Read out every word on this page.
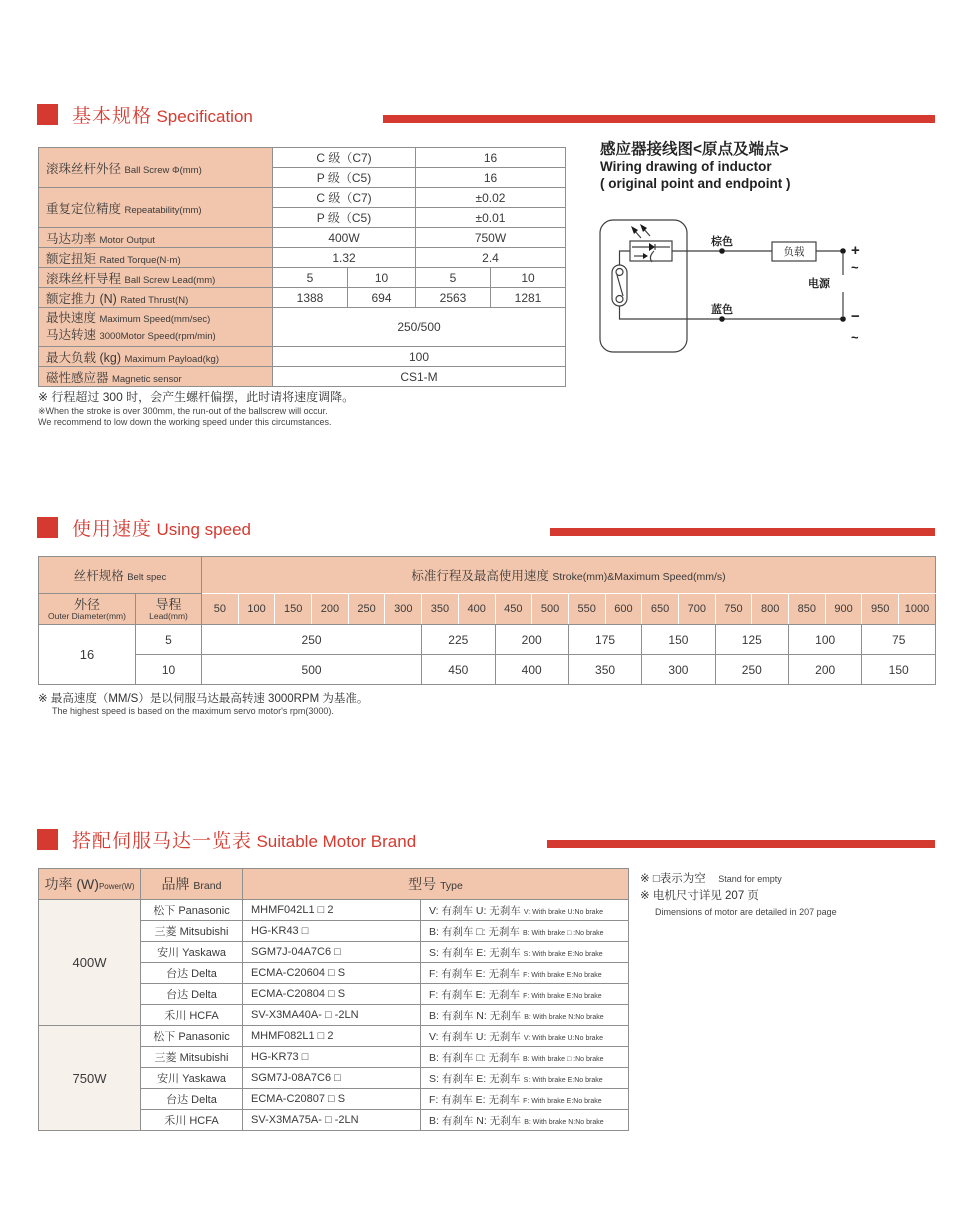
基本规格 Specification
滚珠丝杆外径 Ball Screw Φ(mm)	C 级（C7)		16	
	P 级（C5)		16	
重复定位精度 Repeatability(mm)	C 级（C7)		±0.02	
	P 级（C5)		±0.01	
马达功率 Motor Output	400W		750W	
额定扭矩 Rated Torque(N·m)	1.32		2.4	
滚珠丝杆导程 Ball Screw Lead(mm)	5	10	5	10
额定推力 (N) Rated Thrust(N)	1388	694	2563	1281

最快速度 Maximum Speed(mm/sec)
马达转速 3000Motor Speed(rpm/min)	250/500			
最大负载 (kg) Maximum Payload(kg)	100			
磁性感应器 Magnetic sensor	CS1-M			
※ 行程超过 300 时，会产生螺杆偏摆，此时请将速度调降。
※When the stroke is over 300mm, the run-out of the ballscrew will occur.
We recommend to low down the working speed under this circumstances.
感应器接线图<原点及端点>
Wiring drawing of inductor
( original point and endpoint )
棕色
蓝色
负载
电源
+
~
−
~
使用速度 Using speed
丝杆规格 Belt spec		标准行程及最高使用速度 Stroke(mm)&Maximum Speed(mm/s)																			

外径
Outer Diameter(mm)	导程
Lead(mm)	50	100	150	200	250	300	350	400	450	500	550	600	650	700	750	800	850	900	950	1000
16	5	250						225		200		175		150		125		100		75	
	10	500						450		400		350		300		250		200		150	
※ 最高速度（MM/S）是以伺服马达最高转速 3000RPM 为基准。
The highest speed is based on the maximum servo motor's rpm(3000).
搭配伺服马达一览表 Suitable Motor Brand
功率 (W)Power(W)	品牌 Brand	型号 Type	
400W	松下 Panasonic	MHMF042L1 □ 2	V: 有刹车 U: 无刹车 V: With brake U:No brake
	三菱 Mitsubishi	HG-KR43 □	B: 有刹车 □: 无刹车 B: With brake □ :No brake
	安川 Yaskawa	SGM7J-04A7C6 □	S: 有刹车 E: 无刹车 S: With brake E:No brake
	台达 Delta	ECMA-C20604 □ S	F: 有刹车 E: 无刹车 F: With brake E:No brake
	台达 Delta	ECMA-C20804 □ S	F: 有刹车 E: 无刹车 F: With brake E:No brake
	禾川 HCFA	SV-X3MA40A- □ -2LN	B: 有刹车 N: 无刹车 B: With brake N:No brake
750W	松下 Panasonic	MHMF082L1 □ 2	V: 有刹车 U: 无刹车 V: With brake U:No brake
	三菱 Mitsubishi	HG-KR73 □	B: 有刹车 □: 无刹车 B: With brake □ :No brake
	安川 Yaskawa	SGM7J-08A7C6 □	S: 有刹车 E: 无刹车 S: With brake E:No brake
	台达 Delta	ECMA-C20807 □ S	F: 有刹车 E: 无刹车 F: With brake E:No brake
	禾川 HCFA	SV-X3MA75A- □ -2LN	B: 有刹车 N: 无刹车 B: With brake N:No brake
※ □表示为空 Stand for empty
※ 电机尺寸详见 207 页
Dimensions of motor are detailed in 207 page
